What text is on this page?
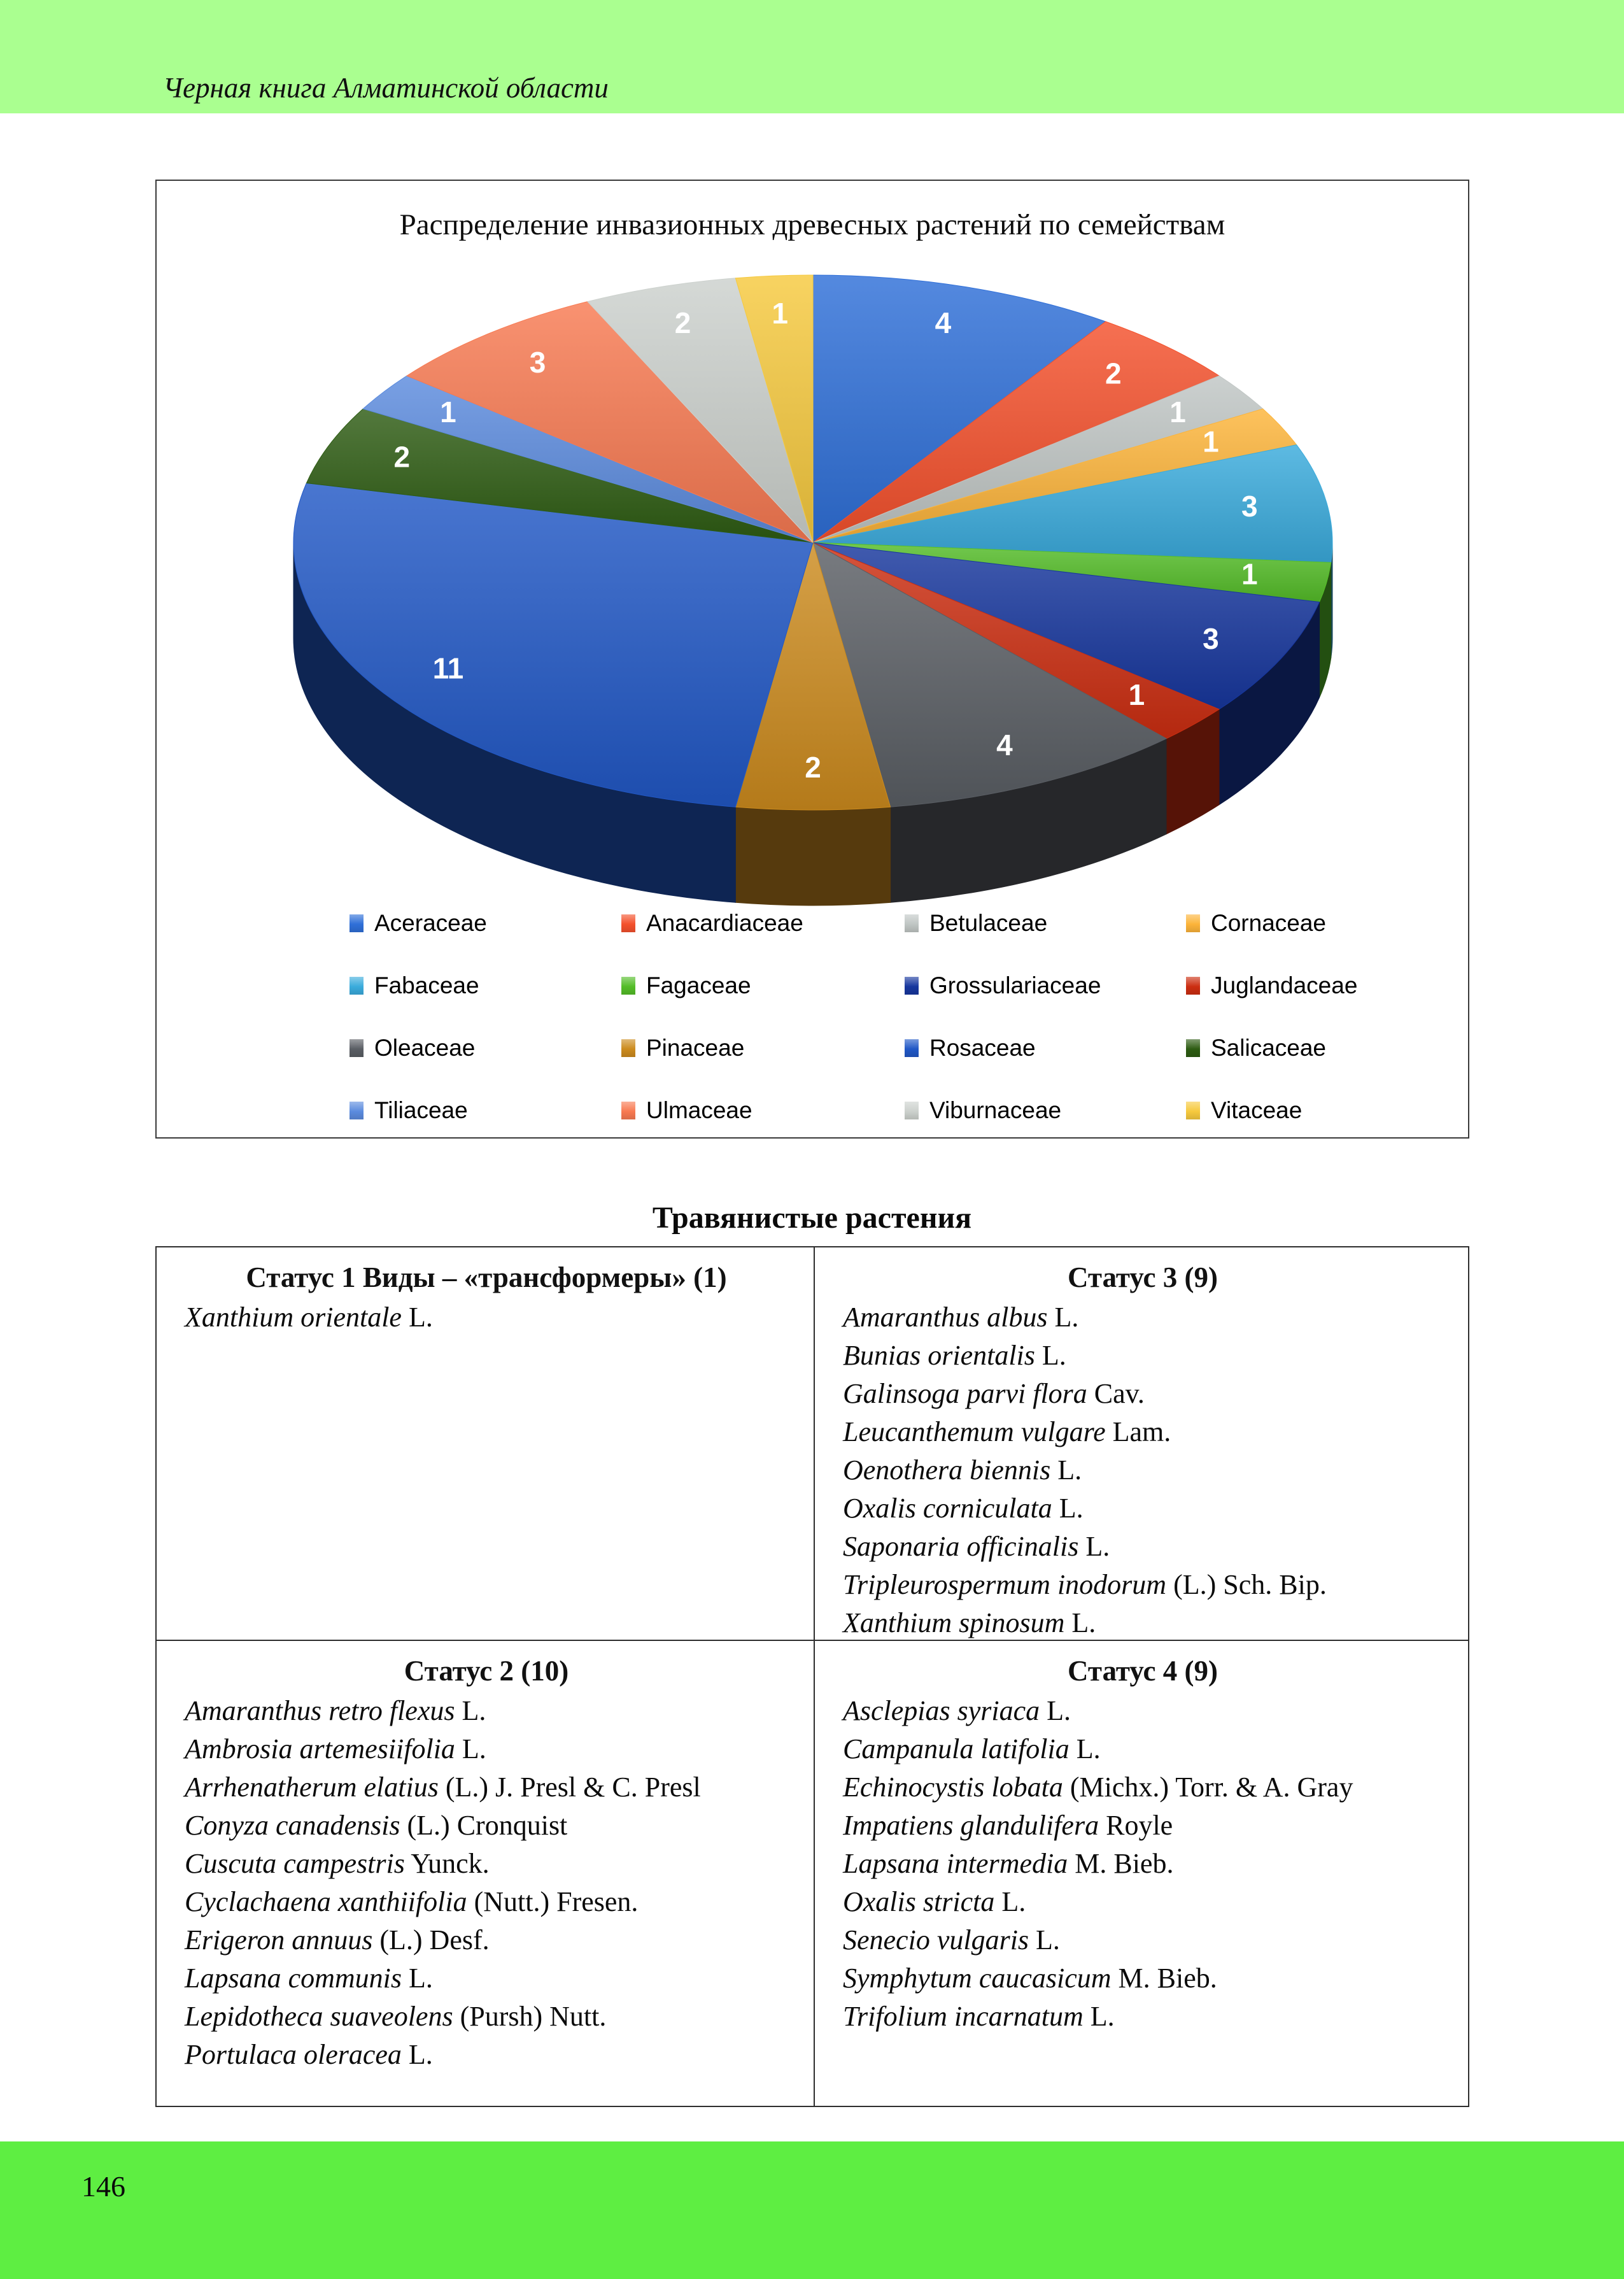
Черная книга Алматинской области
4
2
1
1
3
1
3
1
4
2
11
2
1
3
2	1
Распределение инвазионных древесных растений по семействам
Aceraceae	Anacardiaceae	Betulaceae	Cornaceae
Fabaceae	Fagaceae	Grossulariaceae	Juglandaceae
Oleaceae	Pinaceae	Rosaceae	Salicaceae
Tiliaceae	Ulmaceae	Viburnaceae	Vitaceae
Травянистые растения
Статус 1 Виды – «трансформеры» (1)
Xanthium orientale L.
Статус 3 (9)
Amaranthus albus L.
Bunias orientalis L.
Galinsoga parvi flora Cav.
Leucanthemum vulgare Lam.
Oenothera biennis L.
Oxalis corniculata L.
Saponaria officinalis L.
Tripleurospermum inodorum (L.) Sch. Bip.
Xanthium spinosum L.
Статус 2 (10)
Amaranthus retro flexus L.
Ambrosia artemesiifolia L.
Arrhenatherum elatius (L.) J. Presl & C. Presl
Conyza canadensis (L.) Cronquist
Cuscuta campestris Yunck.
Cyclachaena xanthiifolia (Nutt.) Fresen.
Erigeron annuus (L.) Desf.
Lapsana communis L.
Lepidotheca suaveolens (Pursh) Nutt.
Portulaca oleracea L.
Статус 4 (9)
Asclepias syriaca L.
Campanula latifolia L.
Echinocystis lobata (Michx.) Torr. & A. Gray
Impatiens glandulifera Royle
Lapsana intermedia M. Bieb.
Oxalis stricta L.
Senecio vulgaris L.
Symphytum caucasicum M. Bieb.
Trifolium incarnatum L.
146
